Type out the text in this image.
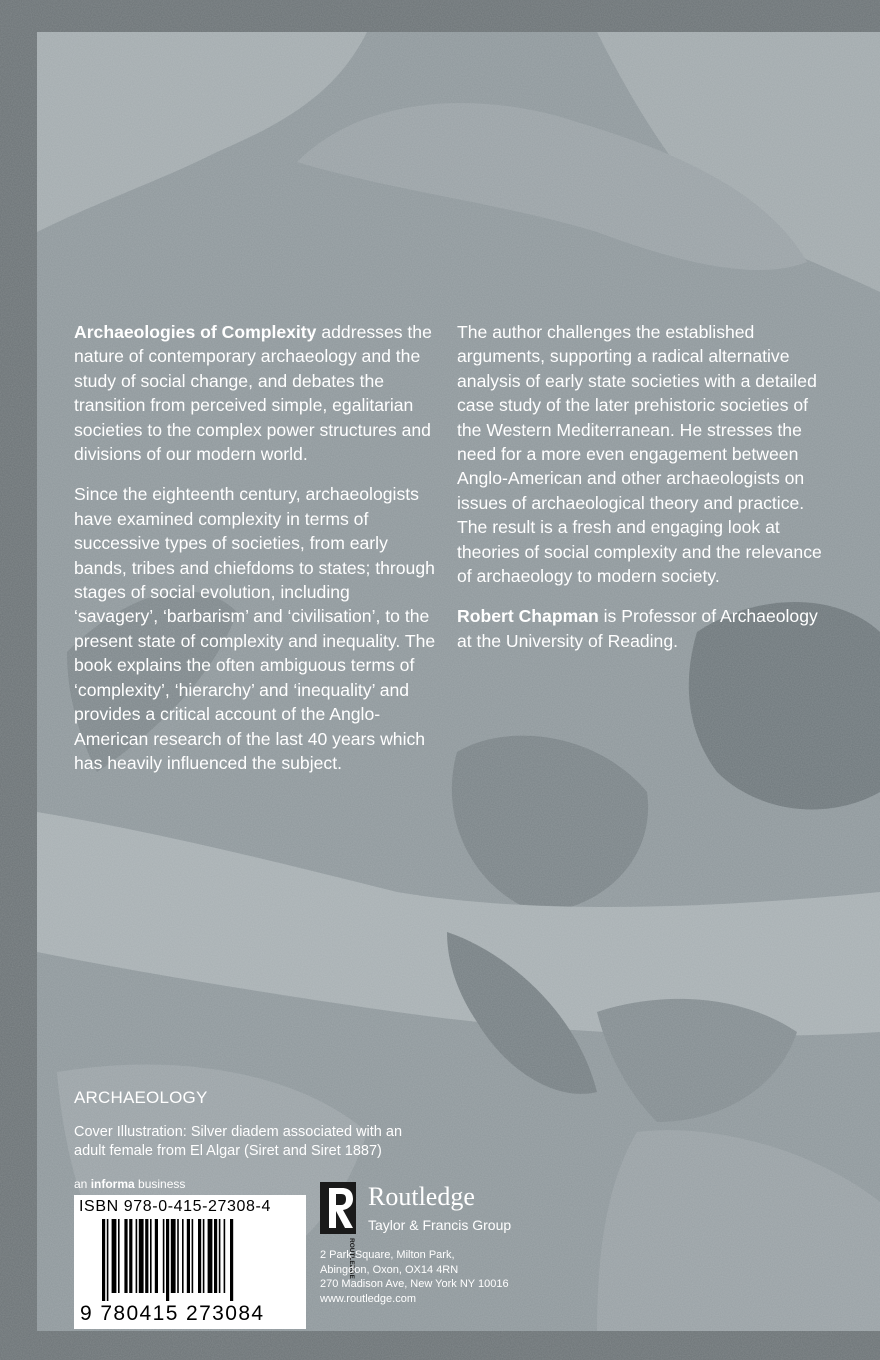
Archaeologies of Complexity addresses the nature of contemporary archaeology and the study of social change, and debates the transition from perceived simple, egalitarian societies to the complex power structures and divisions of our modern world.

Since the eighteenth century, archaeologists have examined complexity in terms of successive types of societies, from early bands, tribes and chiefdoms to states; through stages of social evolution, including ‘savagery’, ‘barbarism’ and ‘civilisation’, to the present state of complexity and inequality. The book explains the often ambiguous terms of ‘complexity’, ‘hierarchy’ and ‘inequality’ and provides a critical account of the Anglo-American research of the last 40 years which has heavily influenced the subject.

The author challenges the established arguments, supporting a radical alternative analysis of early state societies with a detailed case study of the later prehistoric societies of the Western Mediterranean. He stresses the need for a more even engagement between Anglo-American and other archaeologists on issues of archaeological theory and practice. The result is a fresh and engaging look at theories of social complexity and the relevance of archaeology to modern society.

Robert Chapman is Professor of Archaeology at the University of Reading.

ARCHAEOLOGY
Cover Illustration: Silver diadem associated with an adult female from El Algar (Siret and Siret 1887)
an informa business
ISBN 978-0-415-27308-4
9 780415 273084
ROUTLEDGE
Routledge
Taylor & Francis Group
2 Park Square, Milton Park,
Abingdon, Oxon, OX14 4RN
270 Madison Ave, New York NY 10016
www.routledge.com
